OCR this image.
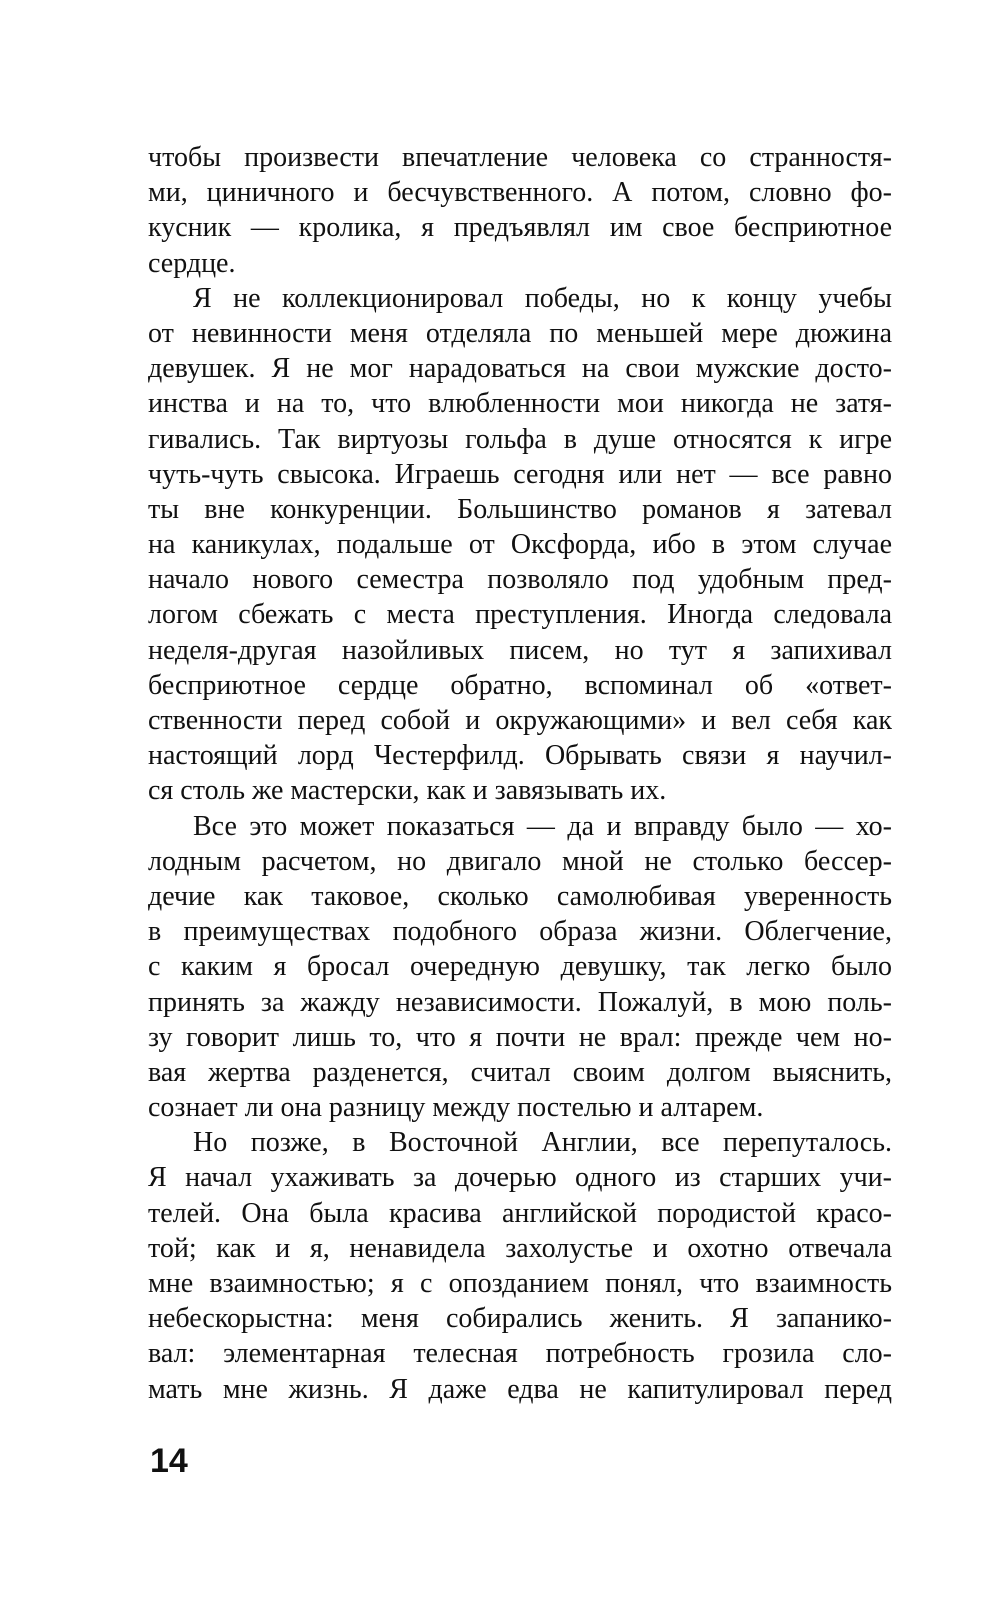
чтобы произвести впечатление человека со странностя-
ми, циничного и бесчувственного. А потом, словно фо-
кусник — кролика, я предъявлял им свое бесприютное
сердце.
Я не коллекционировал победы, но к концу учебы
от невинности меня отделяла по меньшей мере дюжина
девушек. Я не мог нарадоваться на свои мужские досто-
инства и на то, что влюбленности мои никогда не затя-
гивались. Так виртуозы гольфа в душе относятся к игре
чуть-чуть свысока. Играешь сегодня или нет — все равно
ты вне конкуренции. Большинство романов я затевал
на каникулах, подальше от Оксфорда, ибо в этом случае
начало нового семестра позволяло под удобным пред-
логом сбежать с места преступления. Иногда следовала
неделя-другая назойливых писем, но тут я запихивал
бесприютное сердце обратно, вспоминал об «ответ-
ственности перед собой и окружающими» и вел себя как
настоящий лорд Честерфилд. Обрывать связи я научил-
ся столь же мастерски, как и завязывать их.
Все это может показаться — да и вправду было — хо-
лодным расчетом, но двигало мной не столько бессер-
дечие как таковое, сколько самолюбивая уверенность
в преимуществах подобного образа жизни. Облегчение,
с каким я бросал очередную девушку, так легко было
принять за жажду независимости. Пожалуй, в мою поль-
зу говорит лишь то, что я почти не врал: прежде чем но-
вая жертва разденется, считал своим долгом выяснить,
сознает ли она разницу между постелью и алтарем.
Но позже, в Восточной Англии, все перепуталось.
Я начал ухаживать за дочерью одного из старших учи-
телей. Она была красива английской породистой красо-
той; как и я, ненавидела захолустье и охотно отвечала
мне взаимностью; я с опозданием понял, что взаимность
небескорыстна: меня собирались женить. Я запанико-
вал: элементарная телесная потребность грозила сло-
мать мне жизнь. Я даже едва не капитулировал перед
14
